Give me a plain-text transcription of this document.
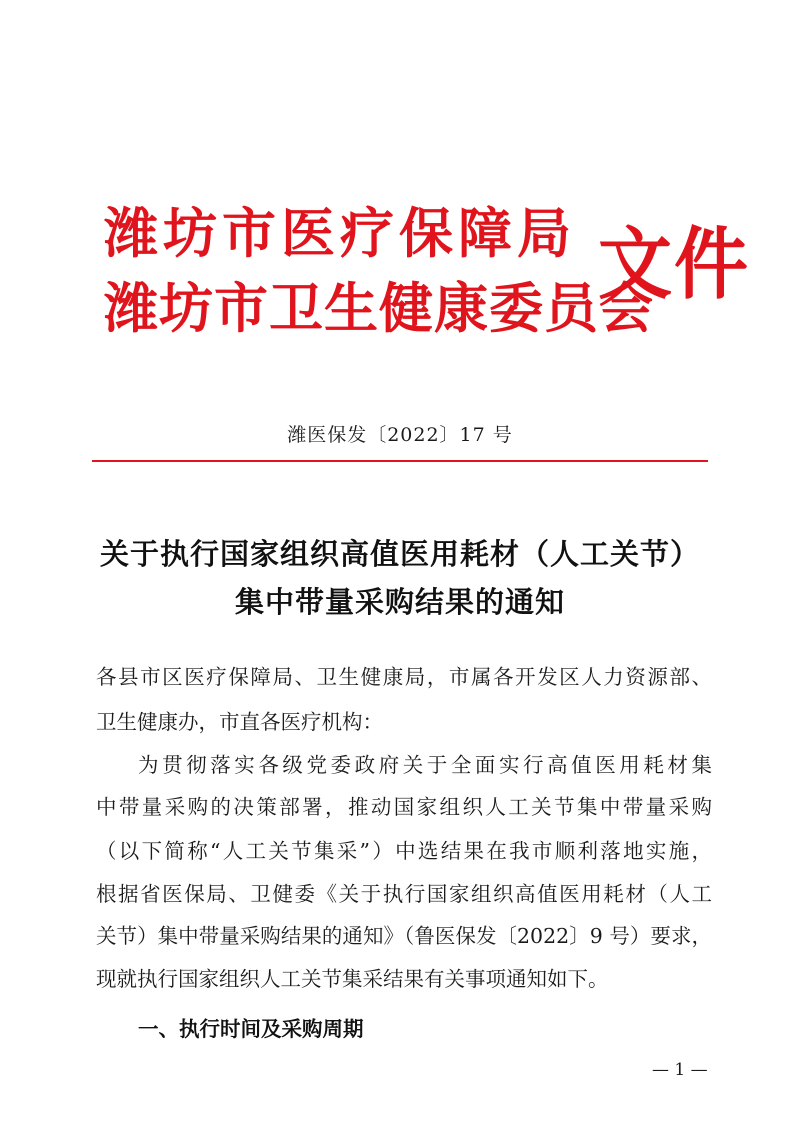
潍坊市医疗保障局
潍坊市卫生健康委员会
文件
潍医保发〔2022〕17 号
关于执行国家组织高值医用耗材（人工关节）
集中带量采购结果的通知
各县市区医疗保障局、卫生健康局，市属各开发区人力资源部、
卫生健康办，市直各医疗机构：
为贯彻落实各级党委政府关于全面实行高值医用耗材集
中带量采购的决策部署，推动国家组织人工关节集中带量采购
（以下简称“人工关节集采”）中选结果在我市顺利落地实施，
根据省医保局、卫健委《关于执行国家组织高值医用耗材（人工
关节）集中带量采购结果的通知》（鲁医保发〔2022〕9 号）要求，
现就执行国家组织人工关节集采结果有关事项通知如下。
一、执行时间及采购周期
— 1 —
